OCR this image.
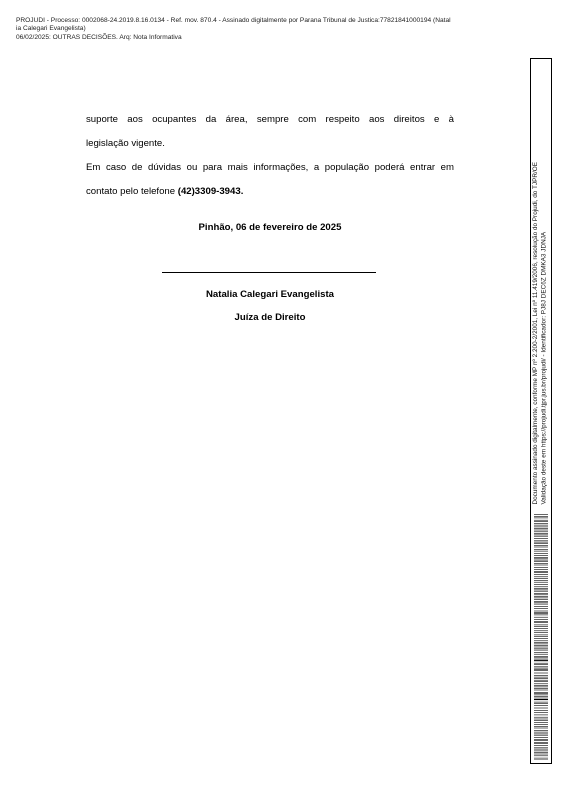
PROJUDI - Processo: 0002068-24.2019.8.16.0134 - Ref. mov. 870.4 - Assinado digitalmente por Parana Tribunal de Justica:77821841000194 (Natal
ia Calegari Evangelista)
06/02/2025: OUTRAS DECISÕES. Arq: Nota Informativa
suporte aos ocupantes da área, sempre com respeito aos direitos e à
legislação vigente.
Em caso de dúvidas ou para mais informações, a população poderá entrar em
contato pelo telefone (42)3309-3943.
Pinhão, 06 de fevereiro de 2025
Natalia Calegari Evangelista
Juíza de Direito	Documento assinado digitalmente, conforme MP nº 2.200-2/2001, Lei nº 11.419/2006, resolução do Projudi, do TJPR/OE Validação deste em https://projudi.tjpr.jus.br/projudi/ - Identificador: PJ8J DEC6Z DMKA3 JDNJA
